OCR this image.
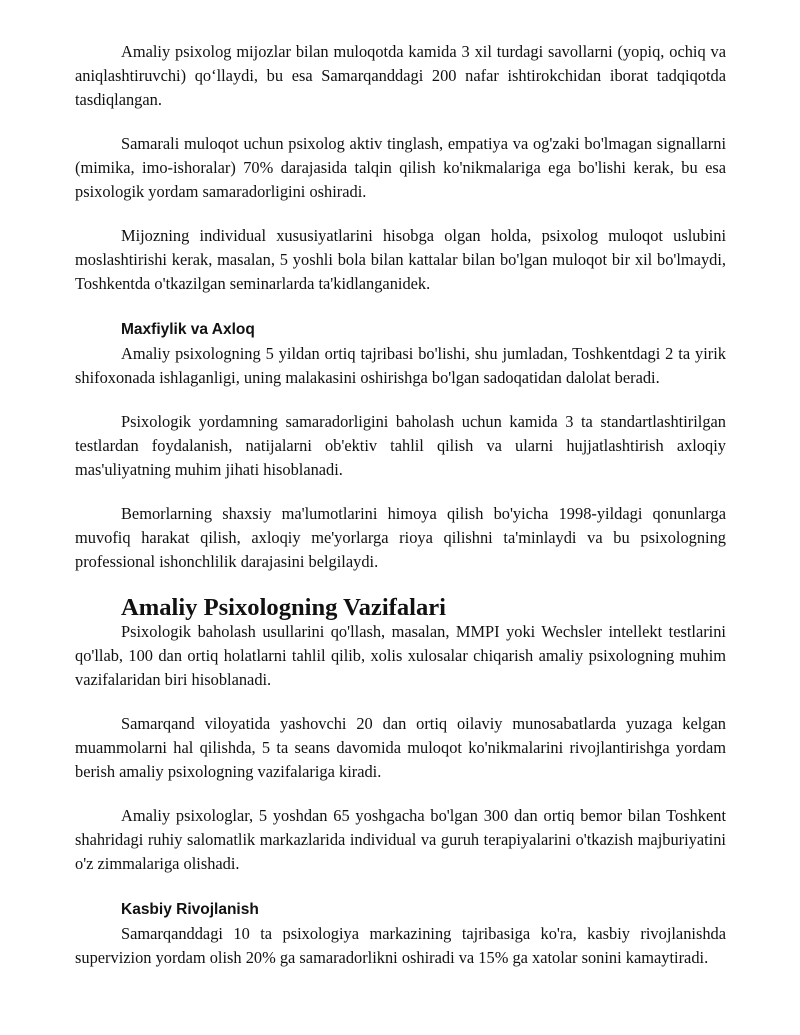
Amaliy psixolog mijozlar bilan muloqotda kamida 3 xil turdagi savollarni (yopiq, ochiq va aniqlashtiruvchi) qo‘llaydi, bu esa Samarqanddagi 200 nafar ishtirokchidan iborat tadqiqotda tasdiqlangan.

Samarali muloqot uchun psixolog aktiv tinglash, empatiya va og'zaki bo'lmagan signallarni (mimika, imo-ishoralar) 70% darajasida talqin qilish ko'nikmalariga ega bo'lishi kerak, bu esa psixologik yordam samaradorligini oshiradi.

Mijozning individual xususiyatlarini hisobga olgan holda, psixolog muloqot uslubini moslashtirishi kerak, masalan, 5 yoshli bola bilan kattalar bilan bo'lgan muloqot bir xil bo'lmaydi, Toshkentda o'tkazilgan seminarlarda ta'kidlanganidek.

Maxfiylik va Axloq

Amaliy psixologning 5 yildan ortiq tajribasi bo'lishi, shu jumladan, Toshkentdagi 2 ta yirik shifoxonada ishlaganligi, uning malakasini oshirishga bo'lgan sadoqatidan dalolat beradi.

Psixologik yordamning samaradorligini baholash uchun kamida 3 ta standartlashtirilgan testlardan foydalanish, natijalarni ob'ektiv tahlil qilish va ularni hujjatlashtirish axloqiy mas'uliyatning muhim jihati hisoblanadi.

Bemorlarning shaxsiy ma'lumotlarini himoya qilish bo'yicha 1998-yildagi qonunlarga muvofiq harakat qilish, axloqiy me'yorlarga rioya qilishni ta'minlaydi va bu psixologning professional ishonchlilik darajasini belgilaydi.

Amaliy Psixologning Vazifalari

Psixologik baholash usullarini qo'llash, masalan, MMPI yoki Wechsler intellekt testlarini qo'llab, 100 dan ortiq holatlarni tahlil qilib, xolis xulosalar chiqarish amaliy psixologning muhim vazifalaridan biri hisoblanadi.

Samarqand viloyatida yashovchi 20 dan ortiq oilaviy munosabatlarda yuzaga kelgan muammolarni hal qilishda, 5 ta seans davomida muloqot ko'nikmalarini rivojlantirishga yordam berish amaliy psixologning vazifalariga kiradi.

Amaliy psixologlar, 5 yoshdan 65 yoshgacha bo'lgan 300 dan ortiq bemor bilan Toshkent shahridagi ruhiy salomatlik markazlarida individual va guruh terapiyalarini o'tkazish majburiyatini o'z zimmalariga olishadi.

Kasbiy Rivojlanish

Samarqanddagi 10 ta psixologiya markazining tajribasiga ko'ra, kasbiy rivojlanishda supervizion yordam olish 20% ga samaradorlikni oshiradi va 15% ga xatolar sonini kamaytiradi.
